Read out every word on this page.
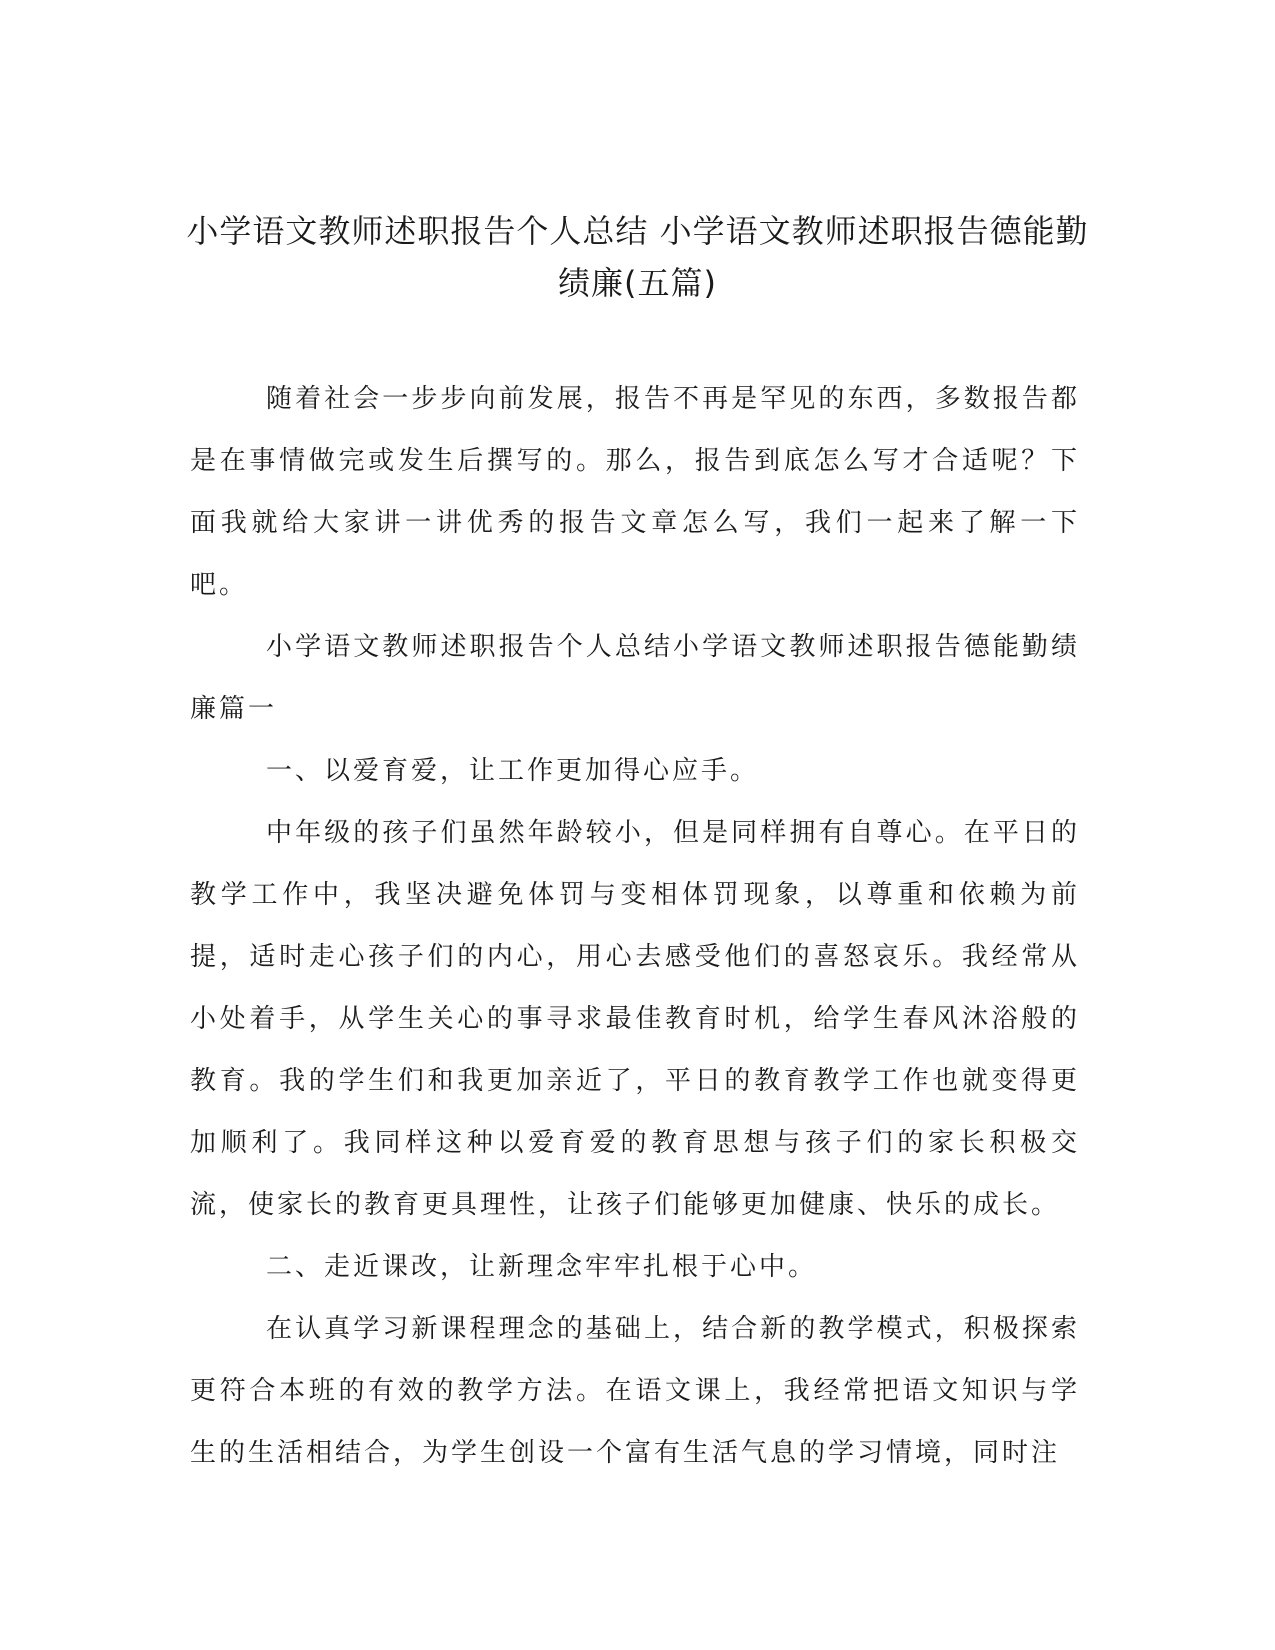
小学语文教师述职报告个人总结 小学语文教师述职报告德能勤绩廉(五篇)

随着社会一步步向前发展，报告不再是罕见的东西，多数报告都是在事情做完或发生后撰写的。那么，报告到底怎么写才合适呢？下面我就给大家讲一讲优秀的报告文章怎么写，我们一起来了解一下吧。

小学语文教师述职报告个人总结小学语文教师述职报告德能勤绩廉篇一

一、以爱育爱，让工作更加得心应手。

中年级的孩子们虽然年龄较小，但是同样拥有自尊心。在平日的教学工作中，我坚决避免体罚与变相体罚现象，以尊重和依赖为前提，适时走心孩子们的内心，用心去感受他们的喜怒哀乐。我经常从小处着手，从学生关心的事寻求最佳教育时机，给学生春风沐浴般的教育。我的学生们和我更加亲近了，平日的教育教学工作也就变得更加顺利了。我同样这种以爱育爱的教育思想与孩子们的家长积极交流，使家长的教育更具理性，让孩子们能够更加健康、快乐的成长。

二、走近课改，让新理念牢牢扎根于心中。

在认真学习新课程理念的基础上，结合新的教学模式，积极探索更符合本班的有效的教学方法。在语文课上，我经常把语文知识与学生的生活相结合，为学生创设一个富有生活气息的学习情境，同时注
